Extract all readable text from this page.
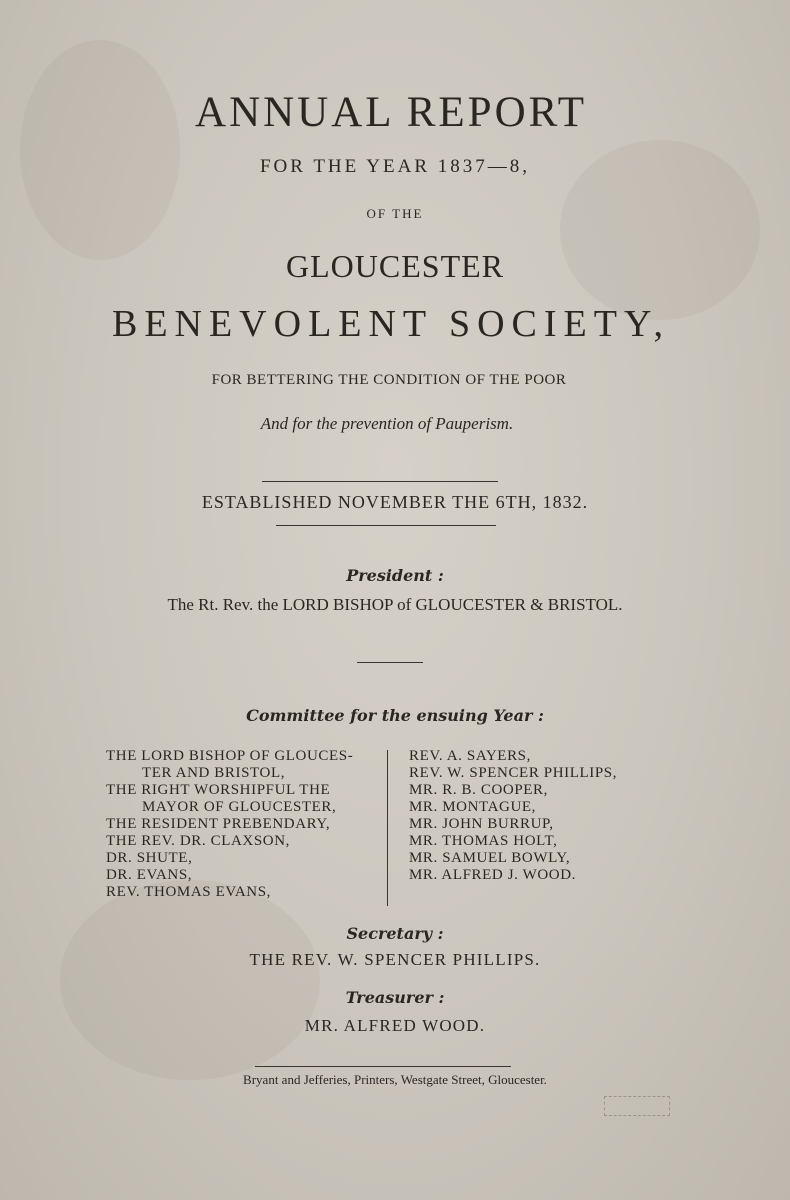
ANNUAL REPORT
FOR THE YEAR 1837—8,
OF THE
GLOUCESTER
BENEVOLENT SOCIETY,
FOR BETTERING THE CONDITION OF THE POOR
And for the prevention of Pauperism.
ESTABLISHED NOVEMBER THE 6TH, 1832.
President :
The Rt. Rev. the LORD BISHOP of GLOUCESTER & BRISTOL.
Committee for the ensuing Year :
THE LORD BISHOP OF GLOUCES-
TER AND BRISTOL,
THE RIGHT WORSHIPFUL THE
MAYOR OF GLOUCESTER,
THE RESIDENT PREBENDARY,
THE REV. DR. CLAXSON,
DR. SHUTE,
DR. EVANS,
REV. THOMAS EVANS,
REV. A. SAYERS,
REV. W. SPENCER PHILLIPS,
MR. R. B. COOPER,
MR. MONTAGUE,
MR. JOHN BURRUP,
MR. THOMAS HOLT,
MR. SAMUEL BOWLY,
MR. ALFRED J. WOOD.
Secretary :
THE REV. W. SPENCER PHILLIPS.
Treasurer :
MR. ALFRED WOOD.
Bryant and Jefferies, Printers, Westgate Street, Gloucester.
